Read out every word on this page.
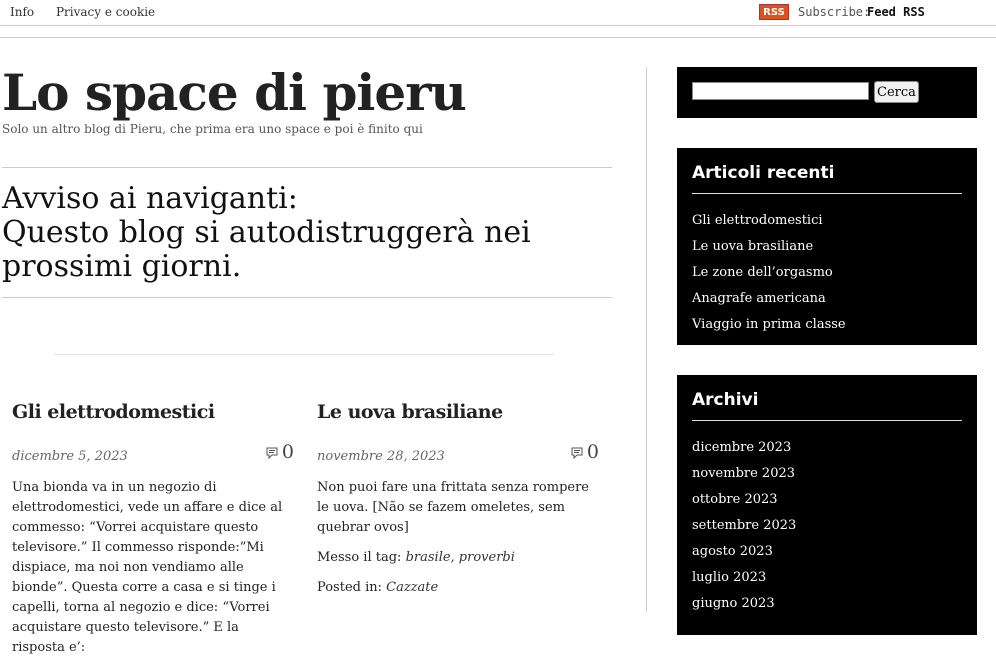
Info Privacy e cookie	RSS	Subscribe:
Feed RSS
Lo space di pieru
Solo un altro blog di Pieru, che prima era uno space e poi è finito qui
Avviso ai naviganti:
Questo blog si autodistruggerà nei
prossimi giorni.
Gli elettrodomestici
dicembre 5, 2023	0
Una bionda va in un negozio di elettrodomestici, vede un affare e dice al commesso: “Vorrei acquistare questo televisore.” Il commesso risponde:”Mi dispiace, ma noi non vendiamo alle bionde”. Questa corre a casa e si tinge i capelli, torna al negozio e dice: “Vorrei acquistare questo televisore.” E la risposta e’:
Le uova brasiliane
novembre 28, 2023	0
Non puoi fare una frittata senza rompere le uova. [Não se fazem omeletes, sem quebrar ovos]
Messo il tag: brasile, proverbi
Posted in: Cazzate
Cerca
Articoli recenti
Gli elettrodomestici
Le uova brasiliane
Le zone dell’orgasmo
Anagrafe americana
Viaggio in prima classe
Archivi
dicembre 2023
novembre 2023
ottobre 2023
settembre 2023
agosto 2023
luglio 2023
giugno 2023
